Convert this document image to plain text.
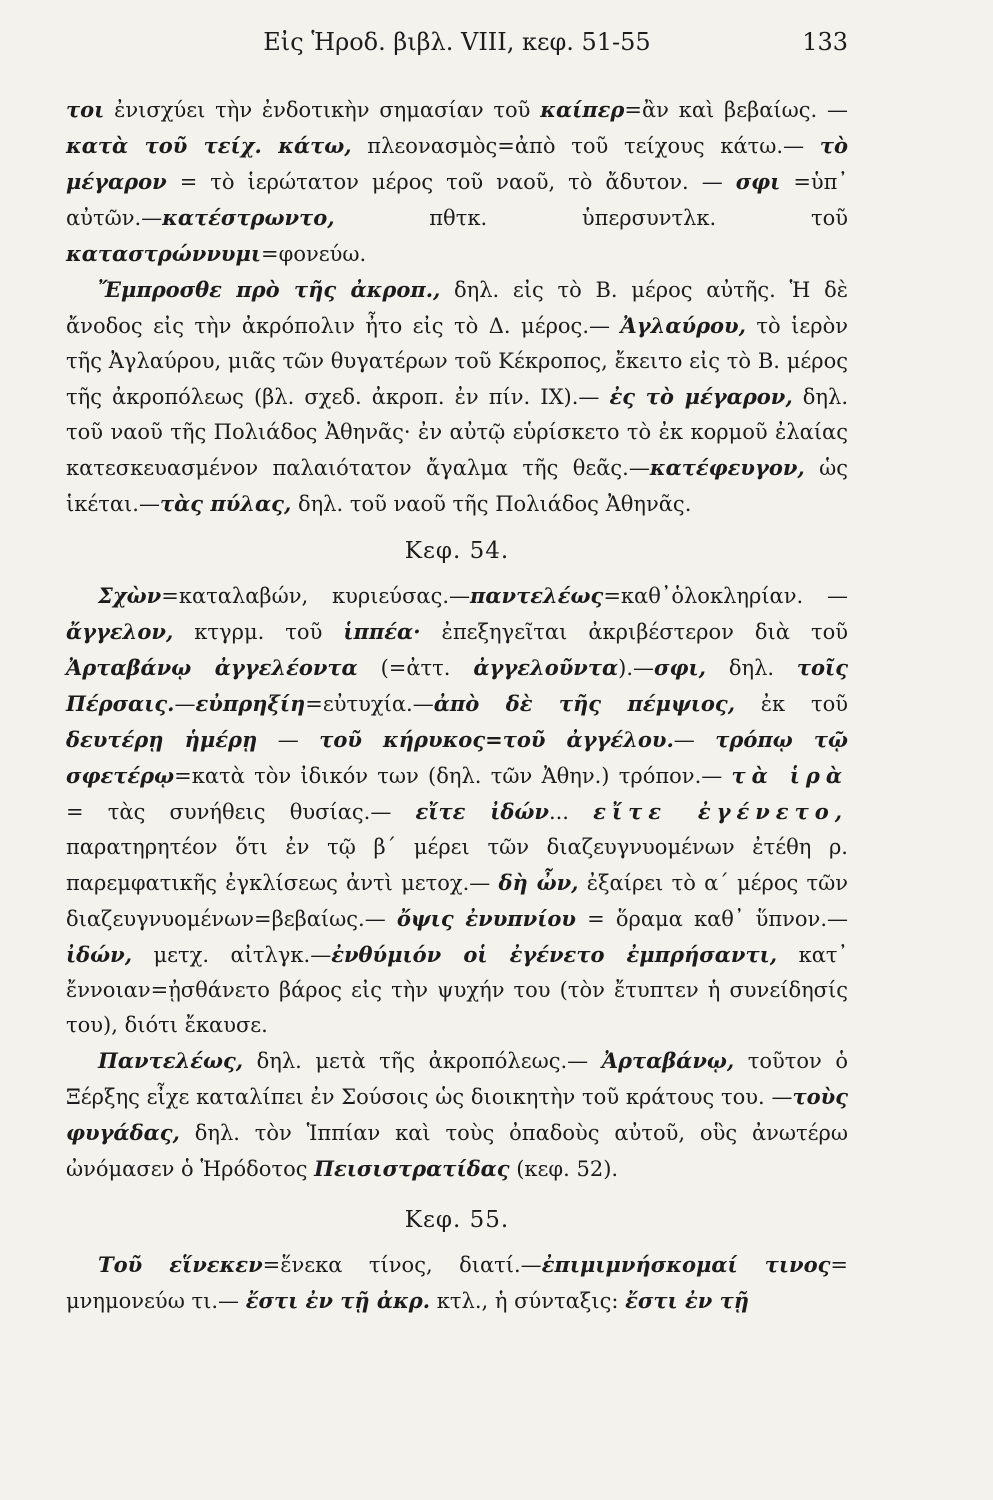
Εἰς Ἡροδ. βιβλ. VIII, κεφ. 51-55	133

τοι ἐνισχύει τὴν ἐνδοτικὴν σημασίαν τοῦ καίπερ=ἂν καὶ βεβαίως. —κατὰ τοῦ τείχ. κάτω, πλεονασμὸς=ἀπὸ τοῦ τείχους κάτω.— τὸ μέγαρον = τὸ ἱερώτατον μέρος τοῦ ναοῦ, τὸ ἄδυτον. — σφι =ὑπ᾽ αὐτῶν.—κατέστρωντο, πθτκ. ὑπερσυντλκ. τοῦ καταστρώννυμι=φονεύω.

Ἔμπροσθε πρὸ τῆς ἀκροπ., δηλ. εἰς τὸ Β. μέρος αὐτῆς. Ἡ δὲ ἄνοδος εἰς τὴν ἀκρόπολιν ἦτο εἰς τὸ Δ. μέρος.— Ἀγλαύρου, τὸ ἱερὸν τῆς Ἀγλαύρου, μιᾶς τῶν θυγατέρων τοῦ Κέκροπος, ἔκειτο εἰς τὸ Β. μέρος τῆς ἀκροπόλεως (βλ. σχεδ. ἀκροπ. ἐν πίν. IX).— ἐς τὸ μέγαρον, δηλ. τοῦ ναοῦ τῆς Πολιάδος Ἀθηνᾶς· ἐν αὐτῷ εὑρίσκετο τὸ ἐκ κορμοῦ ἐλαίας κατεσκευασμένον παλαιότατον ἄγαλμα τῆς θεᾶς.—κατέφευγον, ὡς ἱκέται.—τὰς πύλας, δηλ. τοῦ ναοῦ τῆς Πολιάδος Ἀθηνᾶς.

Κεφ. 54.

Σχὼν=καταλαβών, κυριεύσας.—παντελέως=καθ᾽ὁλοκληρίαν. —ἄγγελον, κτγρμ. τοῦ ἱππέα· ἐπεξηγεῖται ἀκριβέστερον διὰ τοῦ Ἀρταβάνῳ ἀγγελέοντα (=ἀττ. ἀγγελοῦντα).—σφι, δηλ. τοῖς Πέρσαις.—εὐπρηξίη=εὐτυχία.—ἀπὸ δὲ τῆς πέμψιος, ἐκ τοῦ δευτέρῃ ἡμέρῃ — τοῦ κήρυκος=τοῦ ἀγγέλου.— τρόπῳ τῷ σφετέρῳ=κατὰ τὸν ἰδικόν των (δηλ. τῶν Ἀθην.) τρόπον.— τὰ ἱρὰ = τὰς συνήθεις θυσίας.— εἴτε ἰδών... εἴτε ἐγένετο, παρατηρητέον ὅτι ἐν τῷ β΄ μέρει τῶν διαζευγνυομένων ἐτέθη ρ. παρεμφατικῆς ἐγκλίσεως ἀντὶ μετοχ.— δὴ ὦν, ἐξαίρει τὸ α΄ μέρος τῶν διαζευγνυομένων=βεβαίως.— ὄψις ἐνυπνίου = ὅραμα καθ᾽ ὕπνον.—ἰδών, μετχ. αἰτλγκ.—ἐνθύμιόν οἱ ἐγένετο ἐμπρήσαντι, κατ᾽ ἔννοιαν=ᾐσθάνετο βάρος εἰς τὴν ψυχήν του (τὸν ἔτυπτεν ἡ συνείδησίς του), διότι ἔκαυσε.

Παντελέως, δηλ. μετὰ τῆς ἀκροπόλεως.— Ἀρταβάνῳ, τοῦτον ὁ Ξέρξης εἶχε καταλίπει ἐν Σούσοις ὡς διοικητὴν τοῦ κράτους του. —τοὺς φυγάδας, δηλ. τὸν Ἱππίαν καὶ τοὺς ὀπαδοὺς αὐτοῦ, οὓς ἀνωτέρω ὠνόμασεν ὁ Ἡρόδοτος Πεισιστρατίδας (κεφ. 52).

Κεφ. 55.

Τοῦ εἵνεκεν=ἕνεκα τίνος, διατί.—ἐπιμιμνήσκομαί τινος= μνημονεύω τι.— ἔστι ἐν τῇ ἀκρ. κτλ., ἡ σύνταξις: ἔστι ἐν τῇ
